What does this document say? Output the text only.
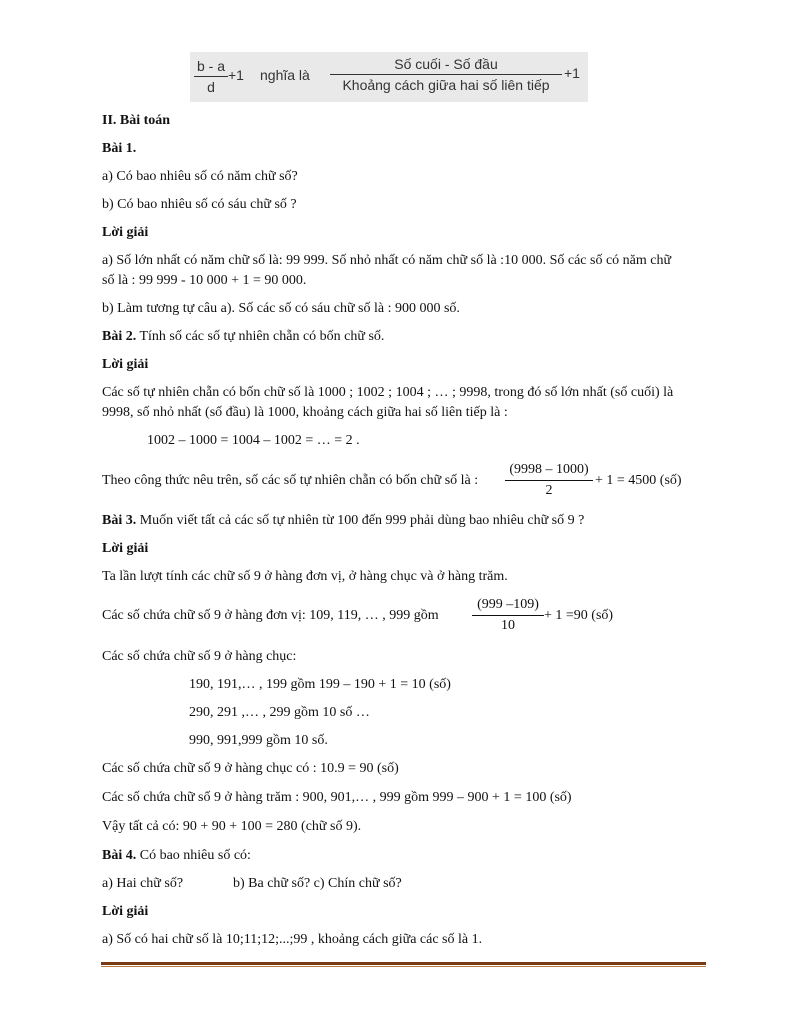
b - a
d
+1 nghĩa là
Số cuối - Số đầu
Khoảng cách giữa hai số liên tiếp
+1
II. Bài toán
Bài 1.
a) Có bao nhiêu số có năm chữ số?
b) Có bao nhiêu số có sáu chữ số ?
Lời giải
a) Số lớn nhất có năm chữ số là: 99 999. Số nhỏ nhất có năm chữ số là :10 000. Số các số có năm chữ
số là : 99 999 - 10 000 + 1 = 90 000.
b) Làm tương tự câu a). Số các số có sáu chữ số là : 900 000 số.
Bài 2. Tính số các số tự nhiên chẵn có bốn chữ số.
Lời giải
Các số tự nhiên chẵn có bốn chữ số là 1000 ; 1002 ; 1004 ; … ; 9998, trong đó số lớn nhất (số cuối) là
9998, số nhỏ nhất (số đầu) là 1000, khoảng cách giữa hai số liên tiếp là :
1002 – 1000 = 1004 – 1002 = … = 2 .
Theo công thức nêu trên, số các số tự nhiên chẵn có bốn chữ số là :
(9998 – 1000)
2
+ 1 = 4500 (số)
Bài 3. Muốn viết tất cả các số tự nhiên từ 100 đến 999 phải dùng bao nhiêu chữ số 9 ?
Lời giải
Ta lần lượt tính các chữ số 9 ở hàng đơn vị, ở hàng chục và ở hàng trăm.
Các số chứa chữ số 9 ở hàng đơn vị: 109, 119, … , 999 gồm
(999 –109)
10
+ 1 =90 (số)
Các số chứa chữ số 9 ở hàng chục:
190, 191,… , 199 gồm 199 – 190 + 1 = 10 (số)
290, 291 ,… , 299 gồm 10 số …
990, 991,999 gồm 10 số.
Các số chứa chữ số 9 ở hàng chục có : 10.9 = 90 (số)
Các số chứa chữ số 9 ở hàng trăm : 900, 901,… , 999 gồm 999 – 900 + 1 = 100 (số)
Vậy tất cả có: 90 + 90 + 100 = 280 (chữ số 9).
Bài 4. Có bao nhiêu số có:
a) Hai chữ số?	b) Ba chữ số? c) Chín chữ số?
Lời giải
a) Số có hai chữ số là 10;11;12;...;99 , khoảng cách giữa các số là 1.
